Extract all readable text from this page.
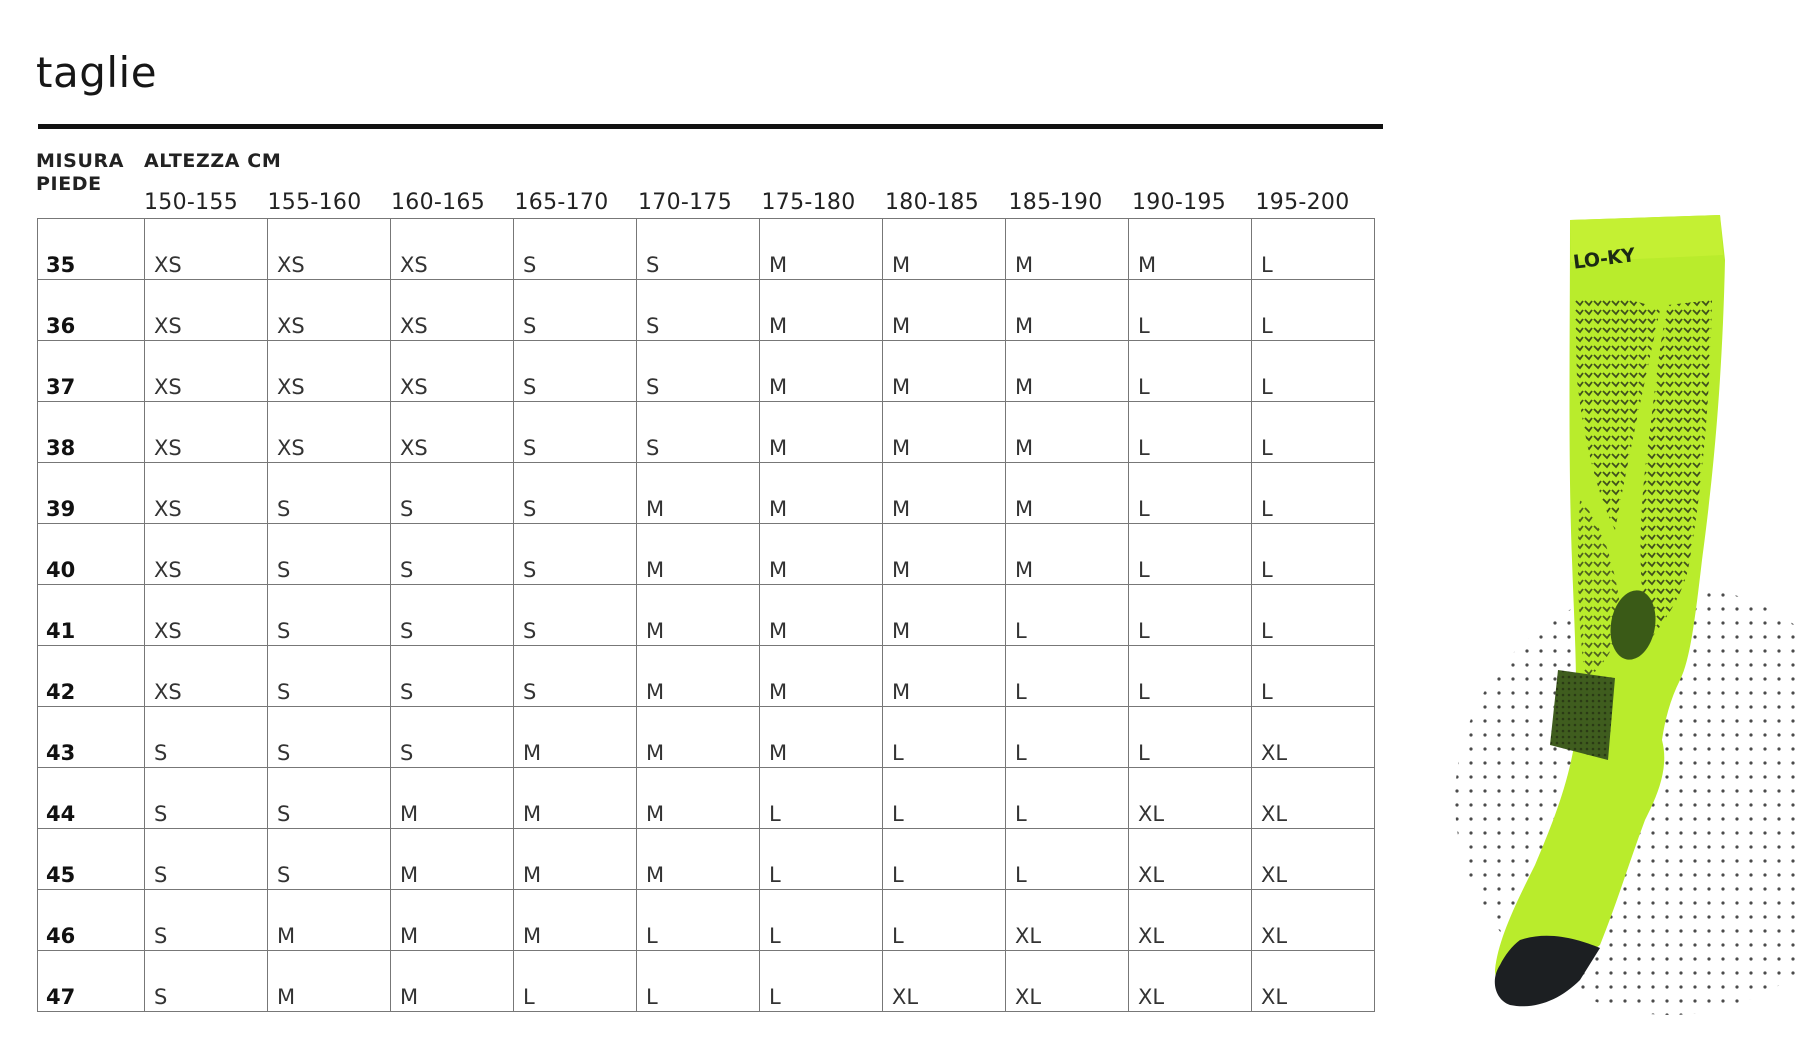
taglie
MISURA PIEDE
ALTEZZA CM
150-155 155-160 160-165 165-170 170-175 175-180 180-185 185-190 190-195 195-200
35	XS	XS	XS	S	S	M	M	M	M	L

36	XS	XS	XS	S	S	M	M	M	L	L

37	XS	XS	XS	S	S	M	M	M	L	L

38	XS	XS	XS	S	S	M	M	M	L	L

39	XS	S	S	S	M	M	M	M	L	L

40	XS	S	S	S	M	M	M	M	L	L

41	XS	S	S	S	M	M	M	L	L	L

42	XS	S	S	S	M	M	M	L	L	L

43	S	S	S	M	M	M	L	L	L	XL

44	S	S	M	M	M	L	L	L	XL	XL

45	S	S	M	M	M	L	L	L	XL	XL

46	S	M	M	M	L	L	L	XL	XL	XL

47	S	M	M	L	L	L	XL	XL	XL	XL
LO-KY
